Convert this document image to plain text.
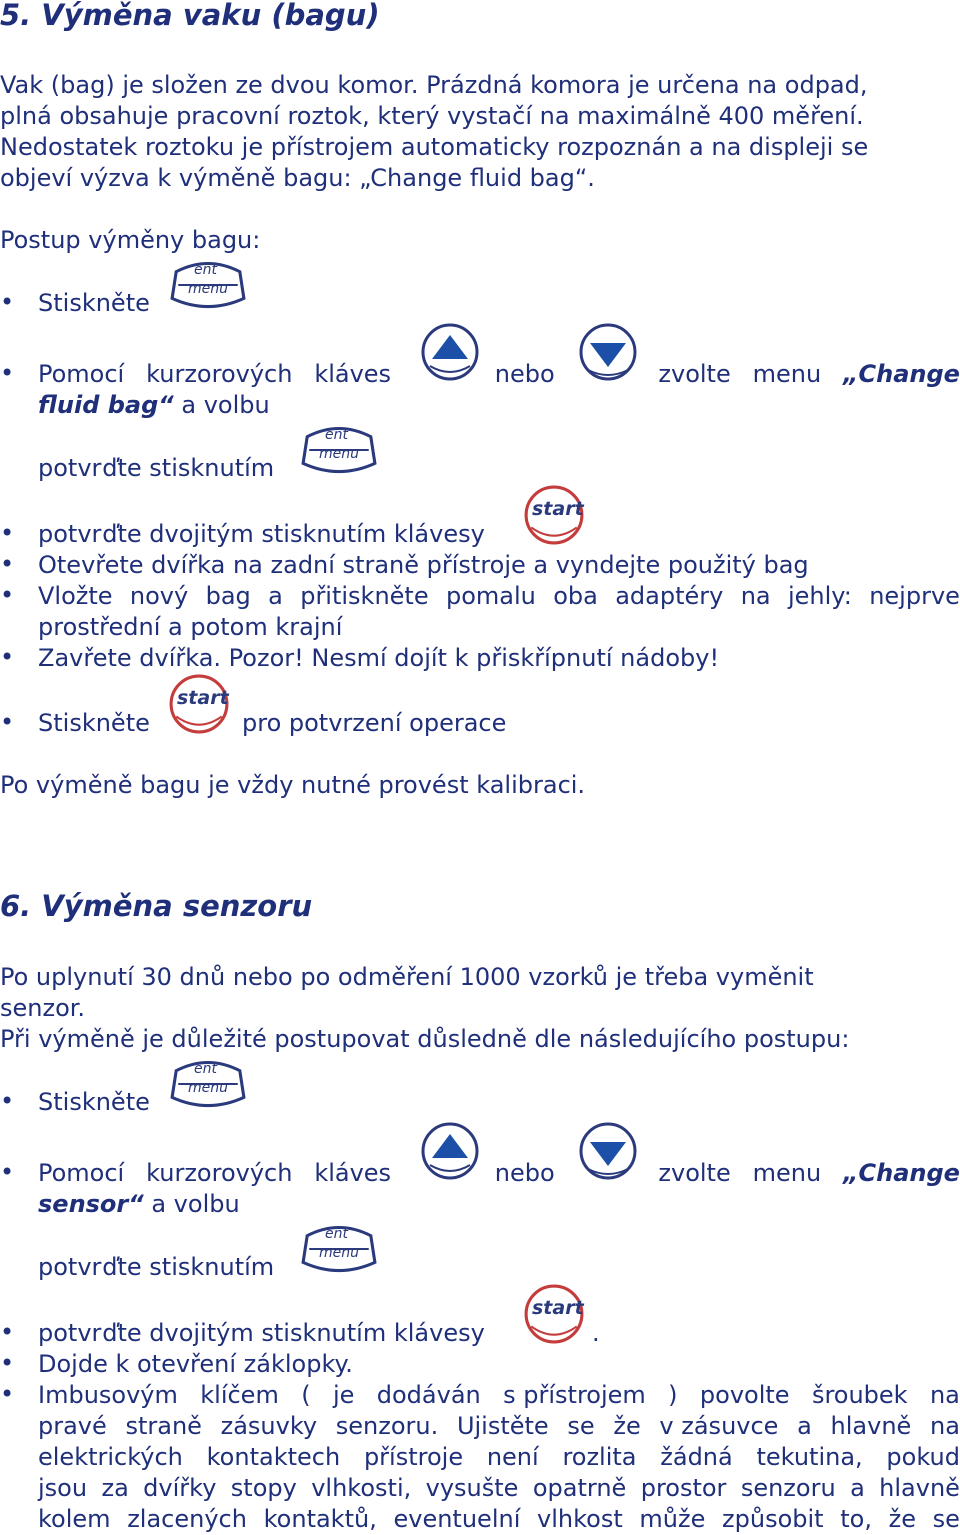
5. Výměna vaku (bagu)
Vak (bag) je složen ze dvou komor. Prázdná komora je určena na odpad,
plná obsahuje pracovní roztok, který vystačí na maximálně 400 měření.
Nedostatek roztoku je přístrojem automaticky rozpoznán a na displeji se
objeví výzva k výměně bagu: „Change fluid bag“.
Postup výměny bagu:
•
Stiskněte
ent
menu
•
Pomocí kurzorových kláves	nebo	zvolte menu „Change
fluid bag“ a volbu
potvrďte stisknutím
ent
menu
•
potvrďte dvojitým stisknutím klávesy
start
•
Otevřete dvířka na zadní straně přístroje a vyndejte použitý bag
•
Vložte nový bag a přitiskněte pomalu oba adaptéry na jehly: nejprve
prostřední a potom krajní
•
Zavřete dvířka. Pozor! Nesmí dojít k přiskřípnutí nádoby!
•
Stiskněte
start
pro potvrzení operace
Po výměně bagu je vždy nutné provést kalibraci.
6. Výměna senzoru
Po uplynutí 30 dnů nebo po odměření 1000 vzorků je třeba vyměnit
senzor.
Při výměně je důležité postupovat důsledně dle následujícího postupu:
•
Stiskněte
ent
menu
•
Pomocí kurzorových kláves	nebo	zvolte menu „Change
sensor“ a volbu
potvrďte stisknutím
ent
menu
•
potvrďte dvojitým stisknutím klávesy
start
.
•
Dojde k otevření záklopky.
•
Imbusovým klíčem ( je dodáván s přístrojem ) povolte šroubek na
pravé straně zásuvky senzoru. Ujistěte se že v zásuvce a hlavně na
elektrických kontaktech přístroje není rozlita žádná tekutina, pokud
jsou za dvířky stopy vlhkosti, vysušte opatrně prostor senzoru a hlavně
kolem zlacených kontaktů, eventuelní vlhkost může způsobit to, že se
